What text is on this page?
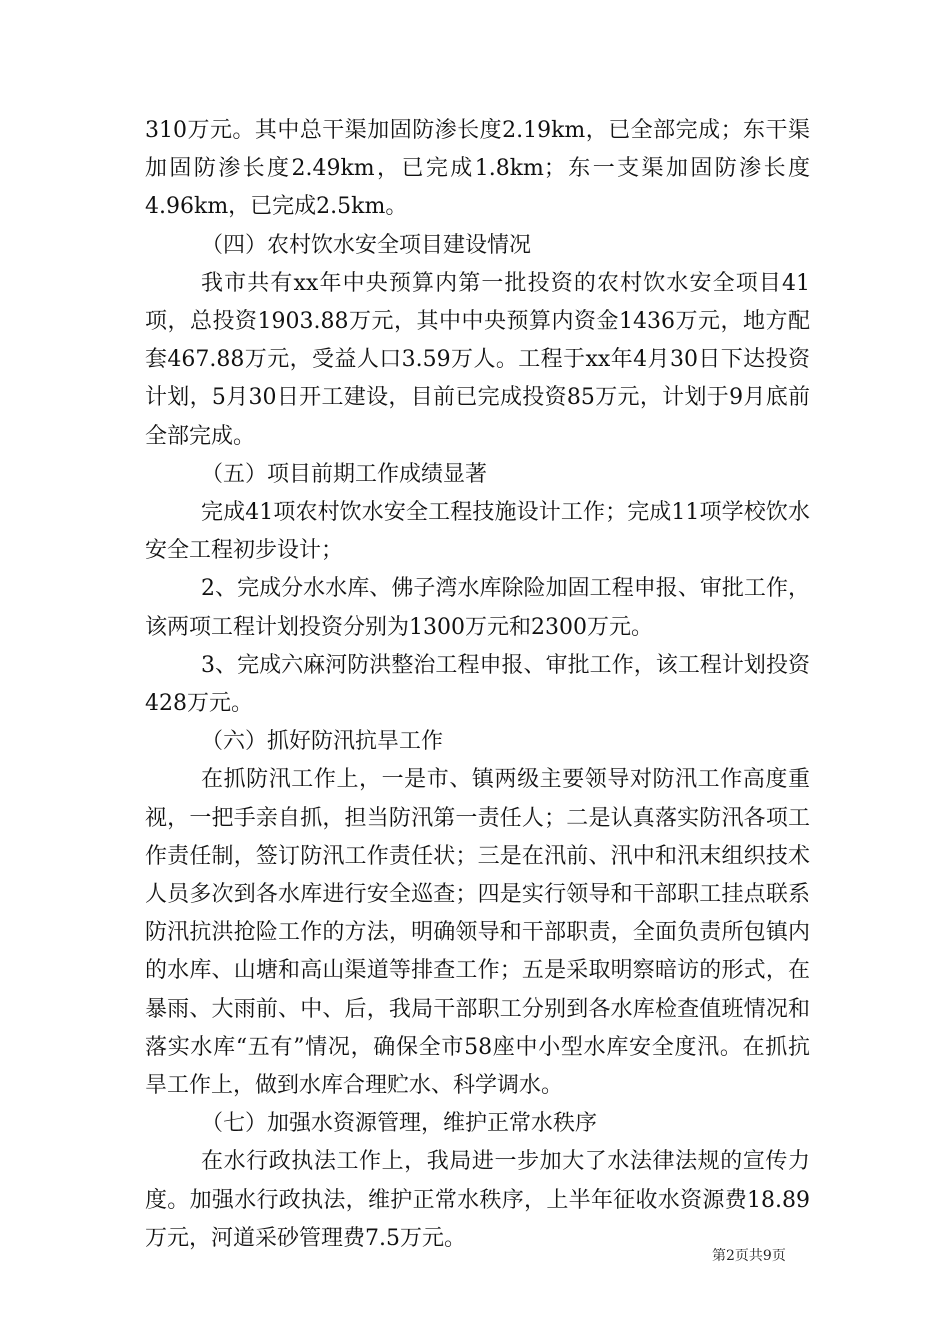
310万元。其中总干渠加固防渗长度2.19km，已全部完成；东干渠加固防渗长度2.49km，已完成1.8km；东一支渠加固防渗长度4.96km，已完成2.5km。

（四）农村饮水安全项目建设情况

我市共有xx年中央预算内第一批投资的农村饮水安全项目41项，总投资1903.88万元，其中中央预算内资金1436万元，地方配套467.88万元，受益人口3.59万人。工程于xx年4月30日下达投资计划，5月30日开工建设，目前已完成投资85万元，计划于9月底前全部完成。

（五）项目前期工作成绩显著

完成41项农村饮水安全工程技施设计工作；完成11项学校饮水安全工程初步设计；

2、完成分水水库、佛子湾水库除险加固工程申报、审批工作，该两项工程计划投资分别为1300万元和2300万元。

3、完成六麻河防洪整治工程申报、审批工作，该工程计划投资428万元。

（六）抓好防汛抗旱工作

在抓防汛工作上，一是市、镇两级主要领导对防汛工作高度重视，一把手亲自抓，担当防汛第一责任人；二是认真落实防汛各项工作责任制，签订防汛工作责任状；三是在汛前、汛中和汛末组织技术人员多次到各水库进行安全巡查；四是实行领导和干部职工挂点联系防汛抗洪抢险工作的方法，明确领导和干部职责，全面负责所包镇内的水库、山塘和高山渠道等排查工作；五是采取明察暗访的形式，在暴雨、大雨前、中、后，我局干部职工分别到各水库检查值班情况和落实水库“五有”情况，确保全市58座中小型水库安全度汛。在抓抗旱工作上，做到水库合理贮水、科学调水。

（七）加强水资源管理，维护正常水秩序

在水行政执法工作上，我局进一步加大了水法律法规的宣传力度。加强水行政执法，维护正常水秩序，上半年征收水资源费18.89万元，河道采砂管理费7.5万元。

第2页共9页
